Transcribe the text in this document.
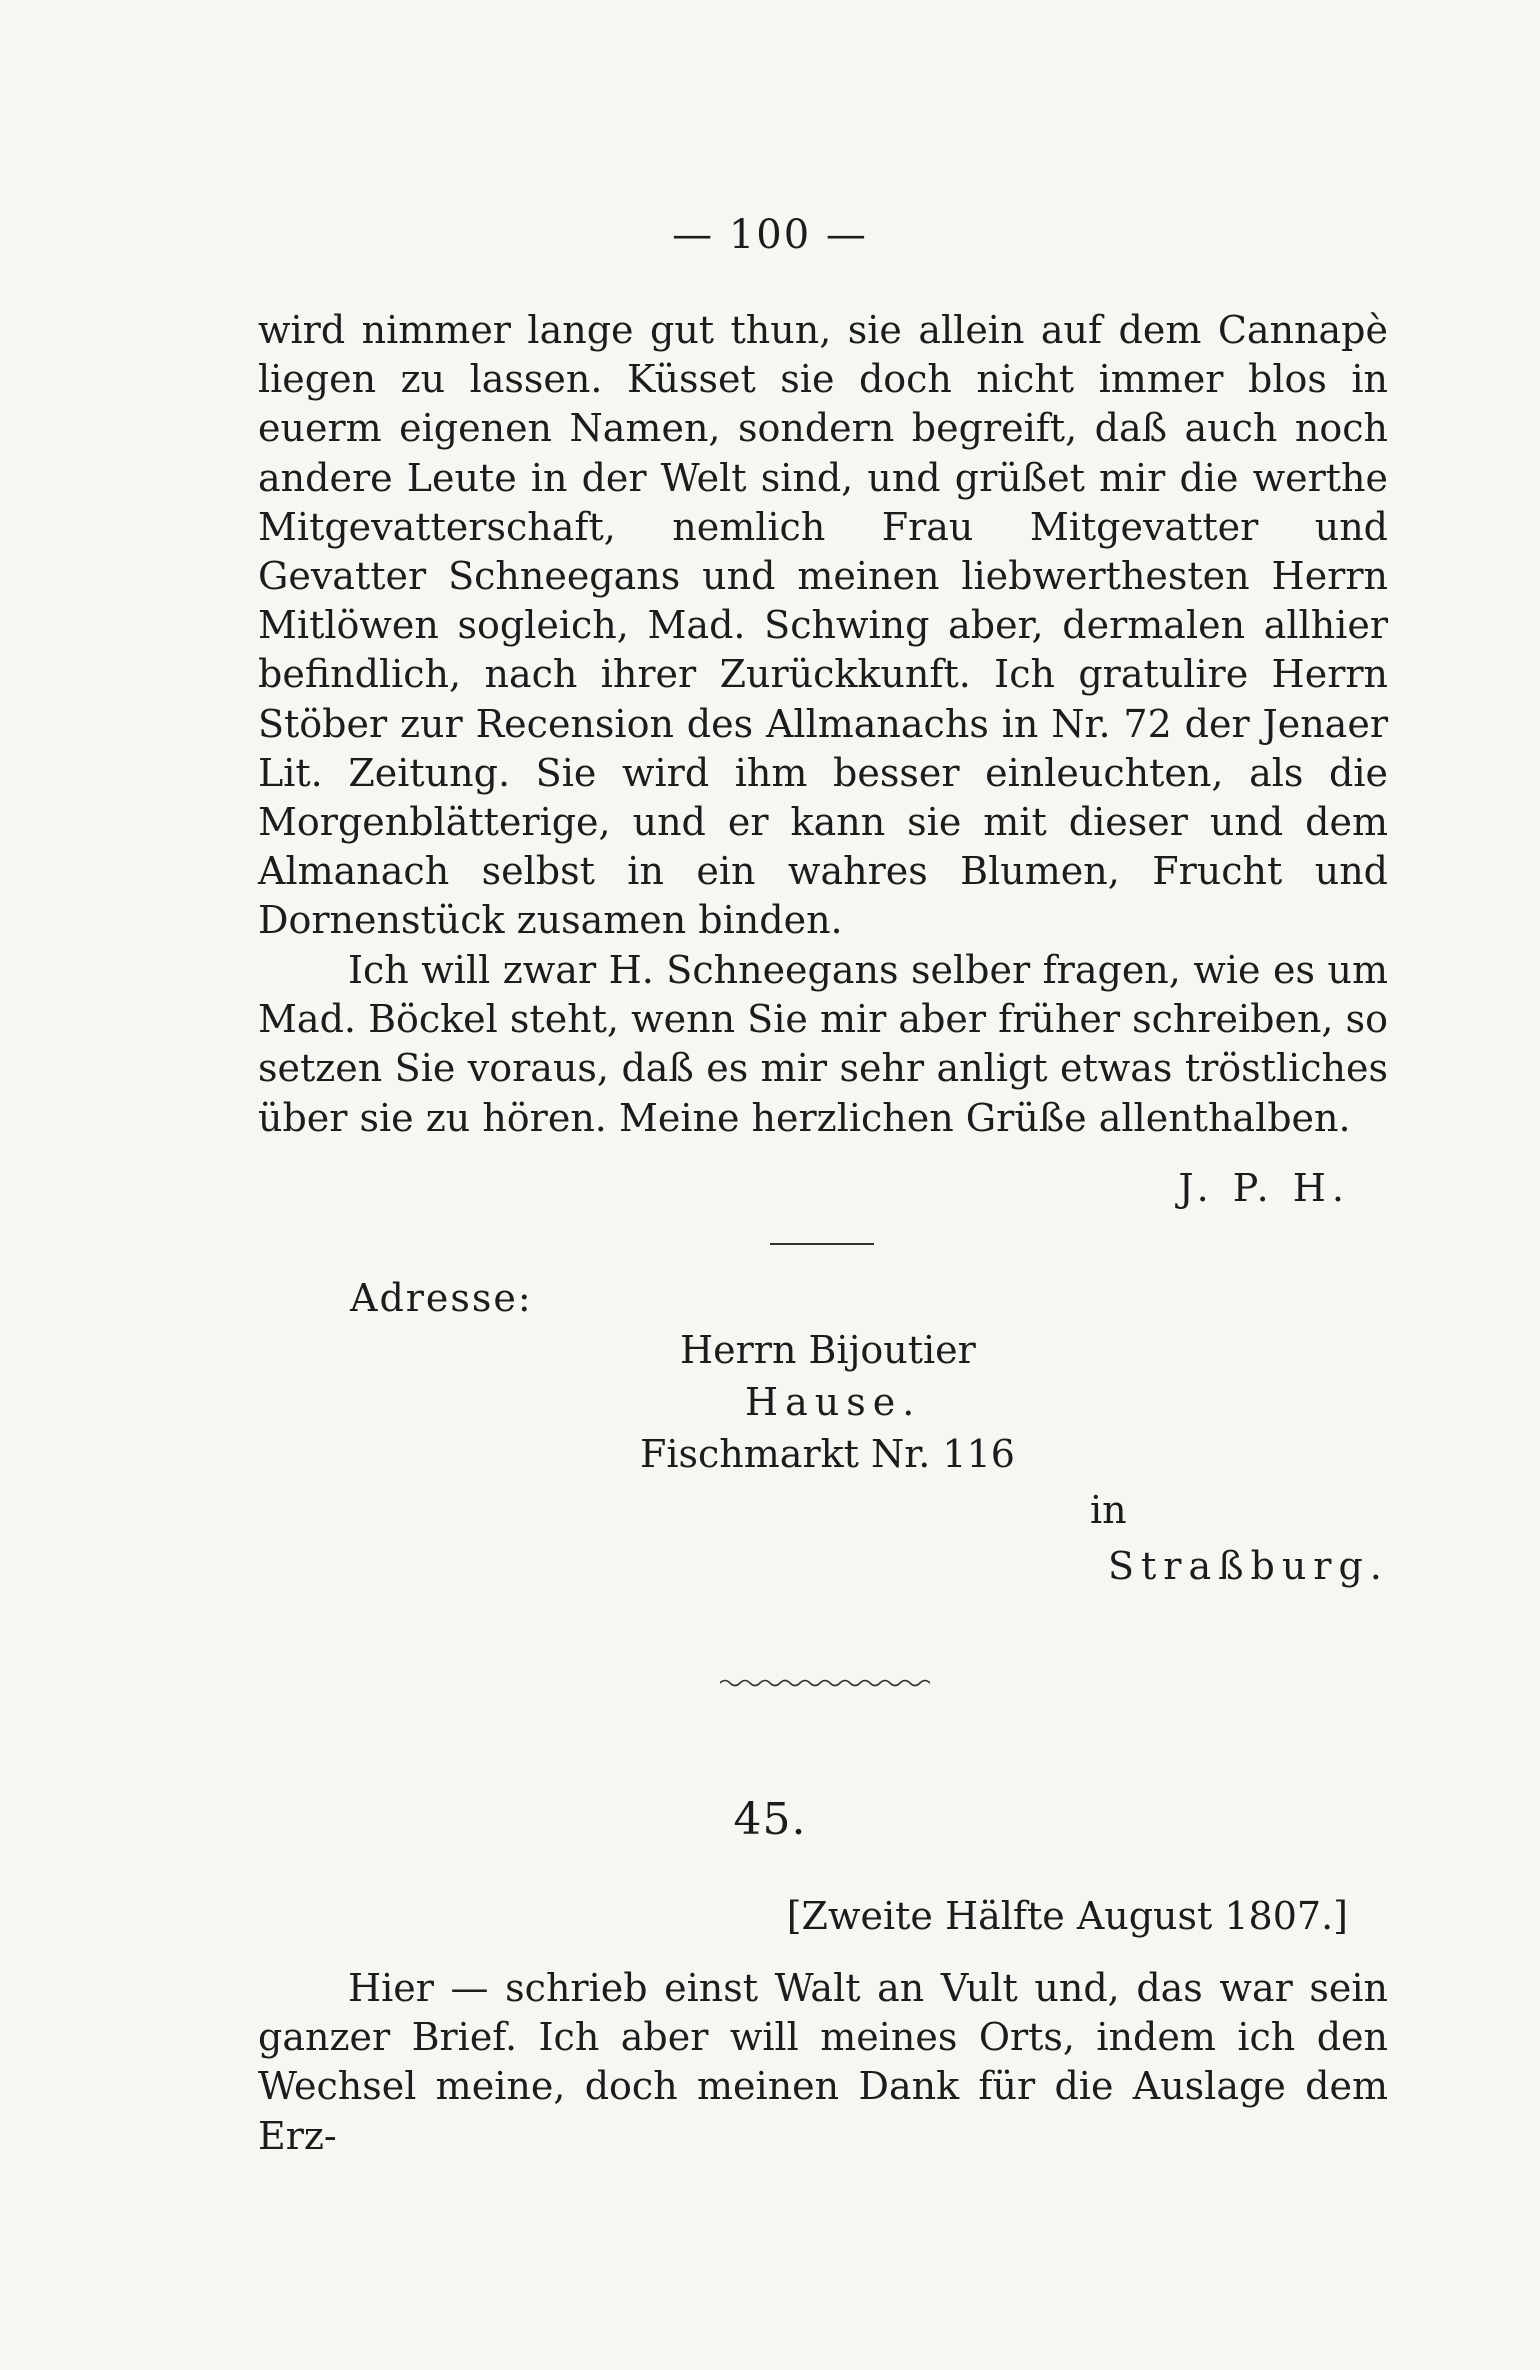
— 100 —

wird nimmer lange gut thun, sie allein auf dem Cannapè liegen zu lassen. Küsset sie doch nicht immer blos in euerm eigenen Namen, sondern begreift, daß auch noch andere Leute in der Welt sind, und grüßet mir die werthe Mitgevatterschaft, nemlich Frau Mitgevatter und Gevatter Schneegans und meinen liebwerthesten Herrn Mitlöwen sogleich, Mad. Schwing aber, dermalen allhier befindlich, nach ihrer Zurückkunft. Ich gratulire Herrn Stöber zur Recension des Allmanachs in Nr. 72 der Jenaer Lit. Zeitung. Sie wird ihm besser einleuchten, als die Morgenblätterige, und er kann sie mit dieser und dem Almanach selbst in ein wahres Blumen, Frucht und Dornenstück zusamen binden.

Ich will zwar H. Schneegans selber fragen, wie es um Mad. Böckel steht, wenn Sie mir aber früher schreiben, so setzen Sie voraus, daß es mir sehr anligt etwas tröstliches über sie zu hören. Meine herzlichen Grüße allenthalben.

J. P. H.
Adresse:
Herrn Bijoutier
Hause.
Fischmarkt Nr. 116
in
Straßburg.
45.
[Zweite Hälfte August 1807.]

Hier — schrieb einst Walt an Vult und, das war sein ganzer Brief. Ich aber will meines Orts, indem ich den Wechsel meine, doch meinen Dank für die Auslage dem Erz-
